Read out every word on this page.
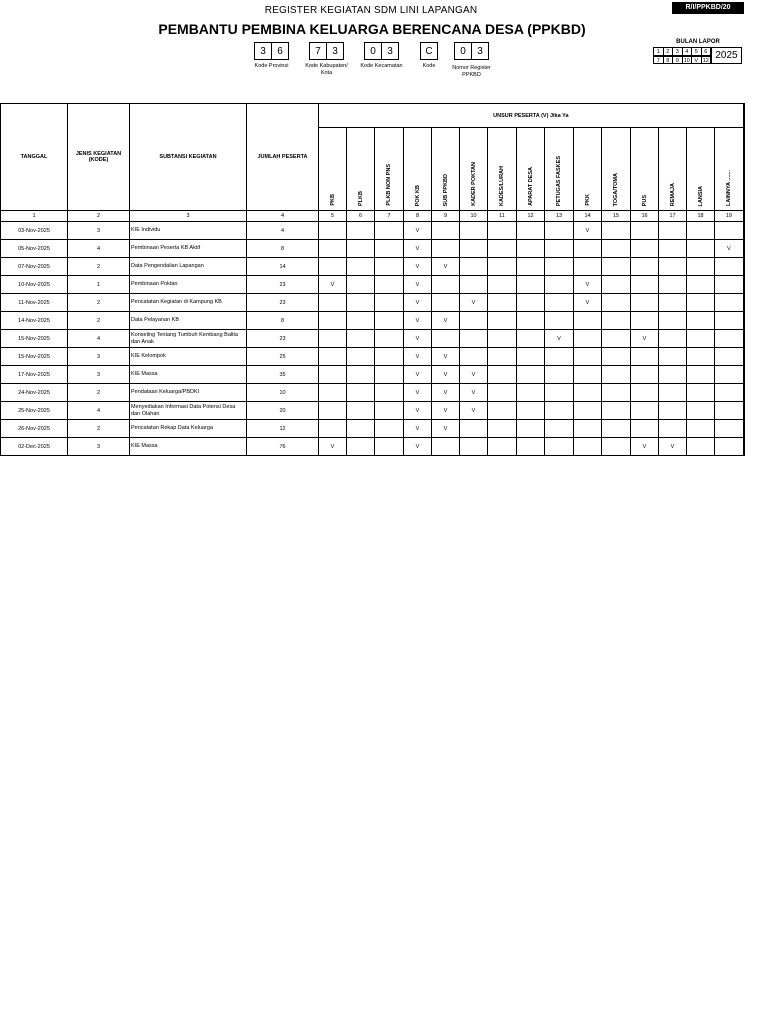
R/I/PPKBD/20
REGISTER KEGIATAN SDM LINI LAPANGAN
PEMBANTU PEMBINA KELUARGA BERENCANA DESA (PPKBD)
3	6
Kode Provinsi
7	3
Kode Kabupaten/ Kota
0	3
Kode Kecamatan
C
Kode
0	3
Nomor Register PPKBD
BULAN LAPOR
1	2	3	4	5	6
7	8	9 10 V 12 2025
TANGGAL	JENIS KEGIATAN (KODE)	SUBTANSI KEGIATAN	JUMLAH PESERTA	UNSUR PESERTA (V) Jika Ya														
				PKB	PLKB	PLKB NON PNS	POK KB	SUB PPKBD	KADER POKTAN	KADES/LURAH	APARAT DESA	PETUGAS FASKES	PKK	TOGA/TOMA	PUS	REMAJA	LANSIA	LAINNYA .......
1	2	3	4	5	6	7	8	9	10	11	12	13	14	15	16	17	18	19
03-Nov-2025	3	KIE Individu	4				V						V					
05-Nov-2025	4	Pembinaan Peserta KB Aktif	8				V											V
07-Nov-2025	2	Data Pengendalian Lapangan	14				V	V										
10-Nov-2025	1	Pembinaan Poktan	23	V			V						V					
11-Nov-2025	2	Pencatatan Kegiatan di Kampung KB	23				V		V				V					
14-Nov-2025	2	Data Pelayanan KB	8				V	V										
15-Nov-2025	4	Konseling Tentang Tumbuh Kembang Balita dan Anak	23				V					V			V			
15-Nov-2025	3	KIE Kelompok	25				V	V										
17-Nov-2025	3	KIE Massa	35				V	V	V									
24-Nov-2025	2	Pendataan Keluarga/PBDKI	10				V	V	V									
25-Nov-2025	4	Menyediakan Informasi Data Potensi Desa dan Olahan	20				V	V	V									
26-Nov-2025	2	Pencatatan Rekap Data Keluarga	12				V	V										
02-Dec-2025	3	KIE Massa	76	V			V								V	V		
